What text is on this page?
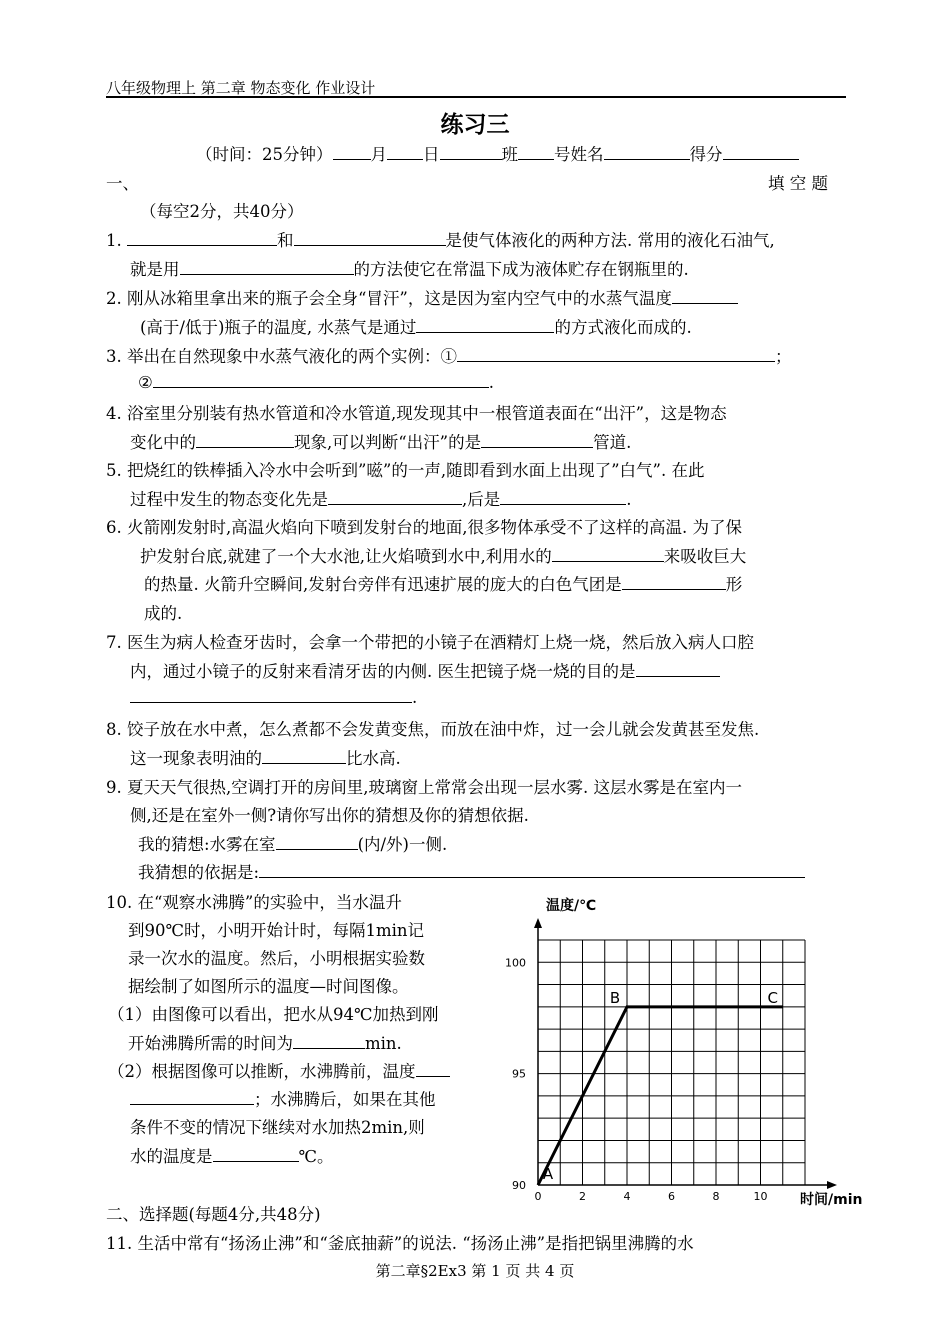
八年级物理上 第二章 物态变化 作业设计
练习三
（时间：25分钟） 月 日	班 号姓名	得分
一、	填 空 题
（每空2分，共40分）
1.	和	是使气体液化的两种方法. 常用的液化石油气,
就是用	的方法使它在常温下成为液体贮存在钢瓶里的.
2. 刚从冰箱里拿出来的瓶子会全身“冒汗”，这是因为室内空气中的水蒸气温度
(高于/低于)瓶子的温度, 水蒸气是通过	的方式液化而成的.
3. 举出在自然现象中水蒸气液化的两个实例：①	；
②	.
4. 浴室里分别装有热水管道和冷水管道,现发现其中一根管道表面在“出汗”，这是物态
变化中的	现象,可以判断“出汗”的是	管道.
5. 把烧红的铁棒插入冷水中会听到”嗞”的一声,随即看到水面上出现了”白气”. 在此
过程中发生的物态变化先是	,后是	.
6. 火箭刚发射时,高温火焰向下喷到发射台的地面,很多物体承受不了这样的高温. 为了保
护发射台底,就建了一个大水池,让火焰喷到水中,利用水的	来吸收巨大
的热量. 火箭升空瞬间,发射台旁伴有迅速扩展的庞大的白色气团是	形
成的.
7. 医生为病人检查牙齿时，会拿一个带把的小镜子在酒精灯上烧一烧，然后放入病人口腔
内，通过小镜子的反射来看清牙齿的内侧. 医生把镜子烧一烧的目的是
.
8. 饺子放在水中煮，怎么煮都不会发黄变焦，而放在油中炸，过一会儿就会发黄甚至发焦.
这一现象表明油的	比水高.
9. 夏天天气很热,空调打开的房间里,玻璃窗上常常会出现一层水雾. 这层水雾是在室内一
侧,还是在室外一侧?请你写出你的猜想及你的猜想依据.
我的猜想:水雾在室	(内/外)一侧.
我猜想的依据是:
10. 在“观察水沸腾”的实验中，当水温升
到90℃时，小明开始计时，每隔1min记
录一次水的温度。然后，小明根据实验数
据绘制了如图所示的温度—时间图像。
（1）由图像可以看出，把水从94℃加热到刚
开始沸腾所需的时间为	min.
（2）根据图像可以推断，水沸腾前，温度
；水沸腾后，如果在其他
条件不变的情况下继续对水加热2min,则
水的温度是	℃。
温度/℃
时间/min
0	2	4	6	8	10
90
95
100
A
B	C
二、选择题(每题4分,共48分)
11. 生活中常有“扬汤止沸”和“釜底抽薪”的说法. “扬汤止沸”是指把锅里沸腾的水
第二章§2Ex3 第 1 页 共 4 页
